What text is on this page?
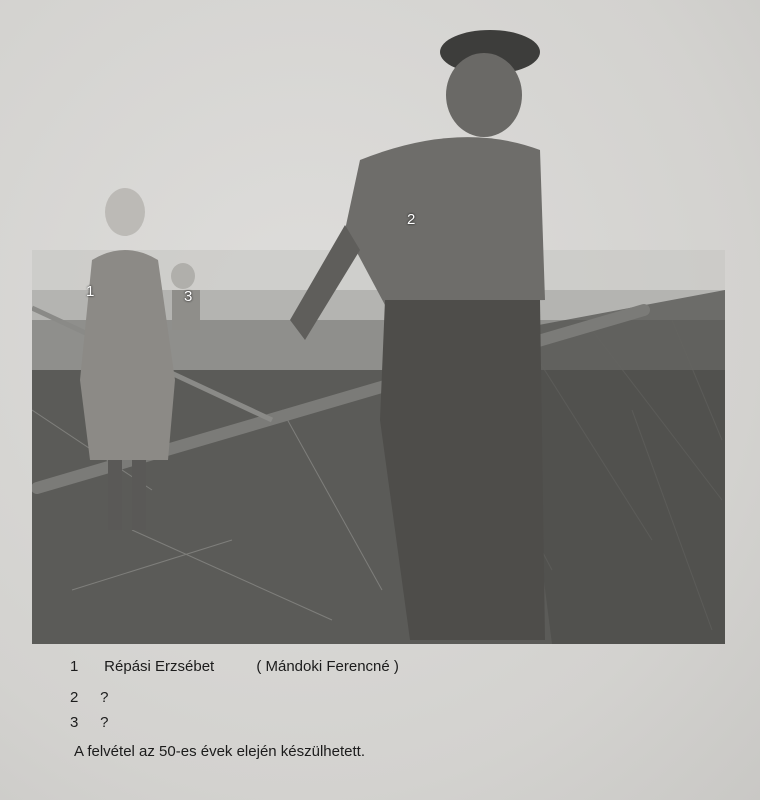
1
2
3
1 Répási Erzsébet	( Mándoki Ferencné )
2 ?
3 ?
A felvétel az 50-es évek elején készülhetett.
